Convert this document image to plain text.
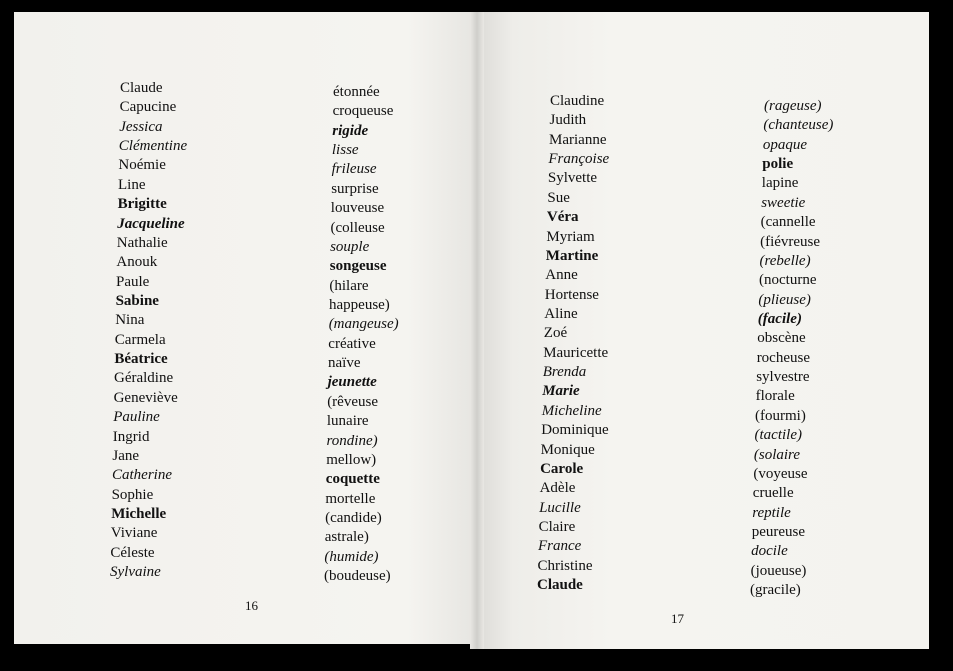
Claude
Capucine
Jessica
Clémentine
Noémie
Line
Brigitte
Jacqueline
Nathalie
Anouk
Paule
Sabine
Nina
Carmela
Béatrice
Géraldine
Geneviève
Pauline
Ingrid
Jane
Catherine
Sophie
Michelle
Viviane
Céleste
Sylvaine
étonnée
croqueuse
rigide
lisse
frileuse
surprise
louveuse
(colleuse
souple
songeuse
(hilare
happeuse)
(mangeuse)
créative
naïve
jeunette
(rêveuse
lunaire
rondine)
mellow)
coquette
mortelle
(candide)
astrale)
(humide)
(boudeuse)
Claudine
Judith
Marianne
Françoise
Sylvette
Sue
Véra
Myriam
Martine
Anne
Hortense
Aline
Zoé
Mauricette
Brenda
Marie
Micheline
Dominique
Monique
Carole
Adèle
Lucille
Claire
France
Christine
Claude
(rageuse)
(chanteuse)
opaque
polie
lapine
sweetie
(cannelle
(fiévreuse
(rebelle)
(nocturne
(plieuse)
(facile)
obscène
rocheuse
sylvestre
florale
(fourmi)
(tactile)
(solaire
(voyeuse
cruelle
reptile
peureuse
docile
(joueuse)
(gracile)
16
17
